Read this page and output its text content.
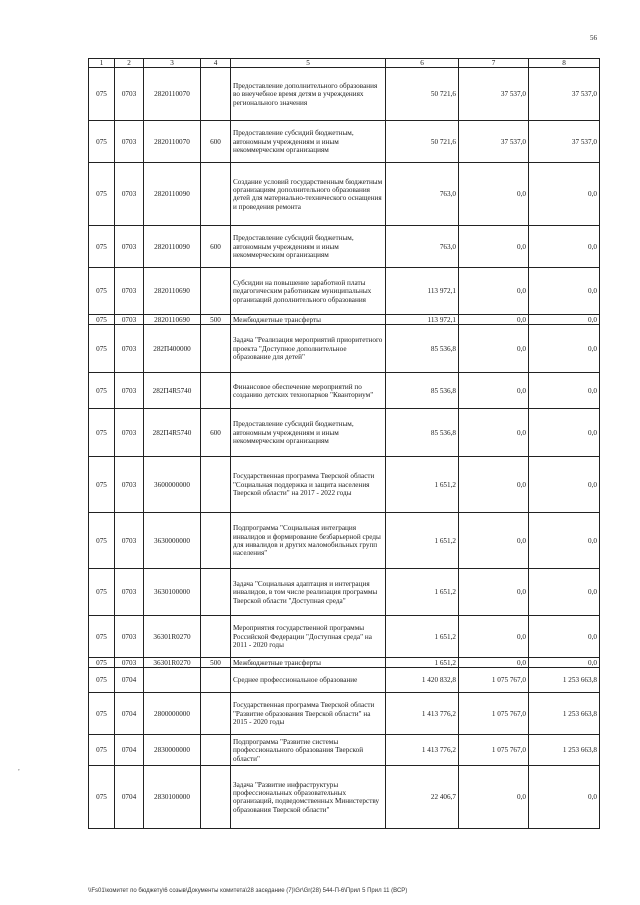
56
1	2	3	4	5	6	7	8
075	0703	2820110070		Предоставление дополнительного образования во внеучебное время детям в учреждениях регионального значения	50 721,6	37 537,0	37 537,0
075	0703	2820110070	600	Предоставление субсидий бюджетным, автономным учреждениям и иным некоммерческим организациям	50 721,6	37 537,0	37 537,0
075	0703	2820110090		Создание условий государственным бюджетным организациям дополнительного образования детей для материально-технического оснащения и проведения ремонта	763,0	0,0	0,0
075	0703	2820110090	600	Предоставление субсидий бюджетным, автономным учреждениям и иным некоммерческим организациям	763,0	0,0	0,0
075	0703	2820110690		Субсидии на повышение заработной платы педагогическим работникам муниципальных организаций дополнительного образования	113 972,1	0,0	0,0
075	0703	2820110690	500	Межбюджетные трансферты	113 972,1	0,0	0,0
075	0703	282П400000		Задача "Реализация мероприятий приоритетного проекта "Доступное дополнительное образование для детей"	85 536,8	0,0	0,0
075	0703	282П4R5740		Финансовое обеспечение мероприятий по созданию детских технопарков "Кванториум"	85 536,8	0,0	0,0
075	0703	282П4R5740	600	Предоставление субсидий бюджетным, автономным учреждениям и иным некоммерческим организациям	85 536,8	0,0	0,0
075	0703	3600000000		Государственная программа Тверской области "Социальная поддержка и защита населения Тверской области" на 2017 - 2022 годы	1 651,2	0,0	0,0
075	0703	3630000000		Подпрограмма "Социальная интеграция инвалидов и формирование безбарьерной среды для инвалидов и других маломобильных групп населения"	1 651,2	0,0	0,0
075	0703	3630100000		Задача "Социальная адаптация и интеграция инвалидов, в том числе реализация программы Тверской области "Доступная среда"	1 651,2	0,0	0,0
075	0703	36301R0270		Мероприятия государственной программы Российской Федерации "Доступная среда" на 2011 - 2020 годы	1 651,2	0,0	0,0
075	0703	36301R0270	500	Межбюджетные трансферты	1 651,2	0,0	0,0
075	0704			Среднее профессиональное образование	1 420 832,8	1 075 767,0	1 253 663,8
075	0704	2800000000		Государственная программа Тверской области "Развитие образования Тверской области" на 2015 - 2020 годы	1 413 776,2	1 075 767,0	1 253 663,8
075	0704	2830000000		Подпрограмма "Развитие системы профессионального образования Тверской области"	1 413 776,2	1 075 767,0	1 253 663,8
075	0704	2830100000		Задача "Развитие инфраструктуры профессиональных образовательных организаций, подведомственных Министерству образования Тверской области"	22 406,7	0,0	0,0
\\Fs01\комитет по бюджету\6 созыв\Документы комитета\28 заседание (7)\Gr\Gr(28) 544-П-6\Прил 5 Прил 11 (ВСР)
,
